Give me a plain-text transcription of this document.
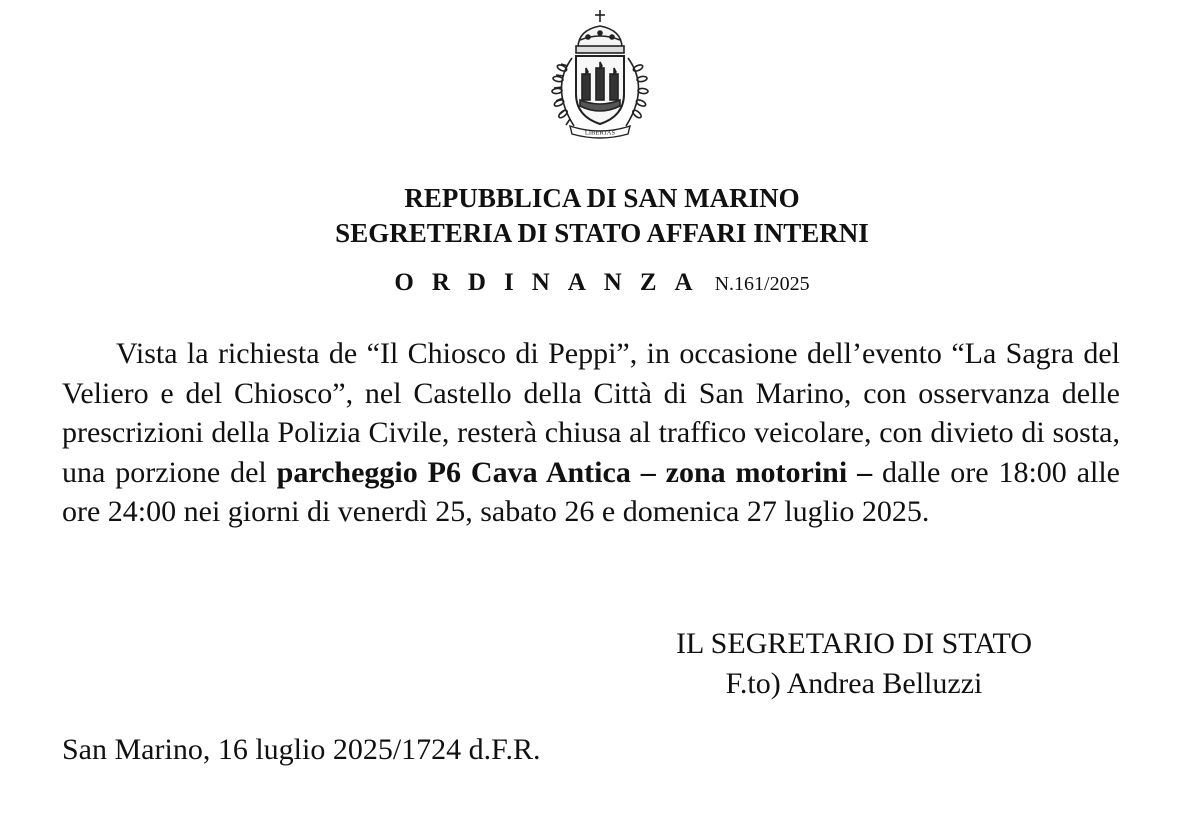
LIBERTAS
REPUBBLICA DI SAN MARINO
SEGRETERIA DI STATO AFFARI INTERNI
ORDINANZA N.161/2025

Vista la richiesta de “Il Chiosco di Peppi”, in occasione dell’evento “La Sagra del Veliero e del Chiosco”, nel Castello della Città di San Marino, con osservanza delle prescrizioni della Polizia Civile, resterà chiusa al traffico veicolare, con divieto di sosta, una porzione del parcheggio P6 Cava Antica – zona motorini – dalle ore 18:00 alle ore 24:00 nei giorni di venerdì 25, sabato 26 e domenica 27 luglio 2025.

IL SEGRETARIO DI STATO
F.to) Andrea Belluzzi
San Marino, 16 luglio 2025/1724 d.F.R.
